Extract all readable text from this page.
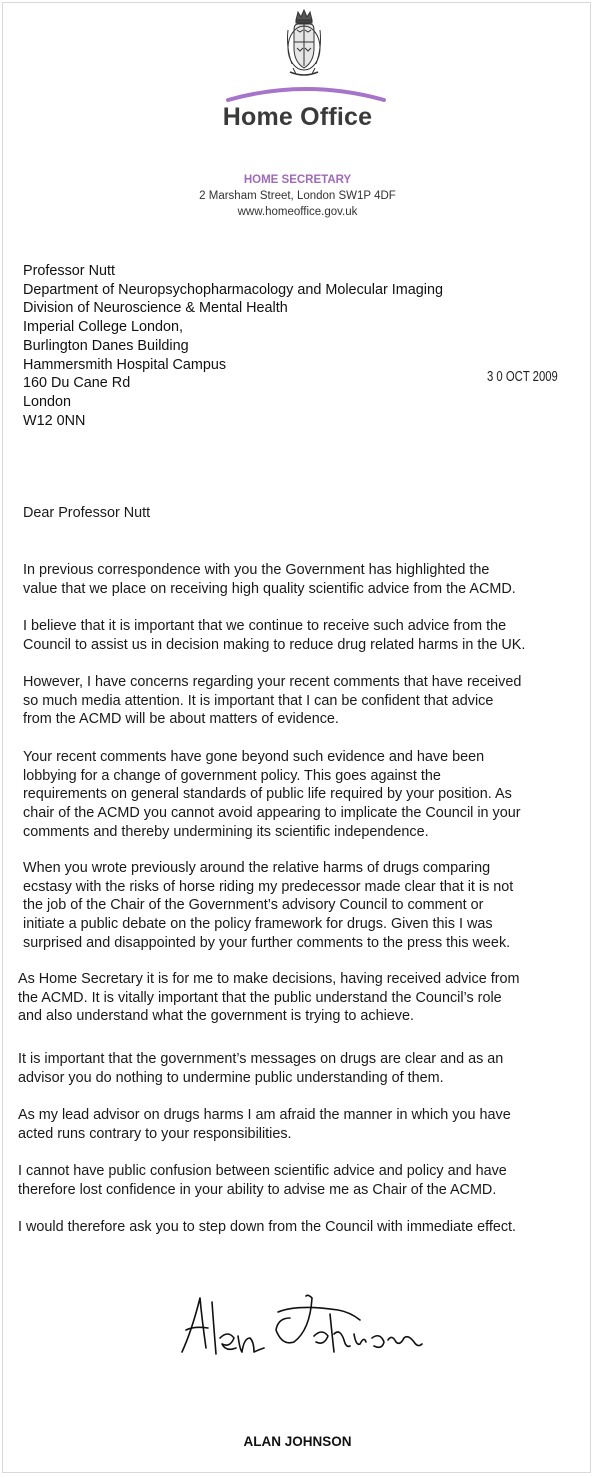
Home Office
HOME SECRETARY
2 Marsham Street, London SW1P 4DF
www.homeoffice.gov.uk
Professor Nutt
Department of Neuropsychopharmacology and Molecular Imaging
Division of Neuroscience & Mental Health
Imperial College London,
Burlington Danes Building
Hammersmith Hospital Campus
160 Du Cane Rd
London
W12 0NN
3 0 OCT 2009
Dear Professor Nutt
In previous correspondence with you the Government has highlighted the
value that we place on receiving high quality scientific advice from the ACMD.
I believe that it is important that we continue to receive such advice from the
Council to assist us in decision making to reduce drug related harms in the UK.
However, I have concerns regarding your recent comments that have received
so much media attention. It is important that I can be confident that advice
from the ACMD will be about matters of evidence.
Your recent comments have gone beyond such evidence and have been
lobbying for a change of government policy. This goes against the
requirements on general standards of public life required by your position. As
chair of the ACMD you cannot avoid appearing to implicate the Council in your
comments and thereby undermining its scientific independence.
When you wrote previously around the relative harms of drugs comparing
ecstasy with the risks of horse riding my predecessor made clear that it is not
the job of the Chair of the Government’s advisory Council to comment or
initiate a public debate on the policy framework for drugs. Given this I was
surprised and disappointed by your further comments to the press this week.
As Home Secretary it is for me to make decisions, having received advice from
the ACMD. It is vitally important that the public understand the Council’s role
and also understand what the government is trying to achieve.
It is important that the government’s messages on drugs are clear and as an
advisor you do nothing to undermine public understanding of them.
As my lead advisor on drugs harms I am afraid the manner in which you have
acted runs contrary to your responsibilities.
I cannot have public confusion between scientific advice and policy and have
therefore lost confidence in your ability to advise me as Chair of the ACMD.
I would therefore ask you to step down from the Council with immediate effect.
ALAN JOHNSON
